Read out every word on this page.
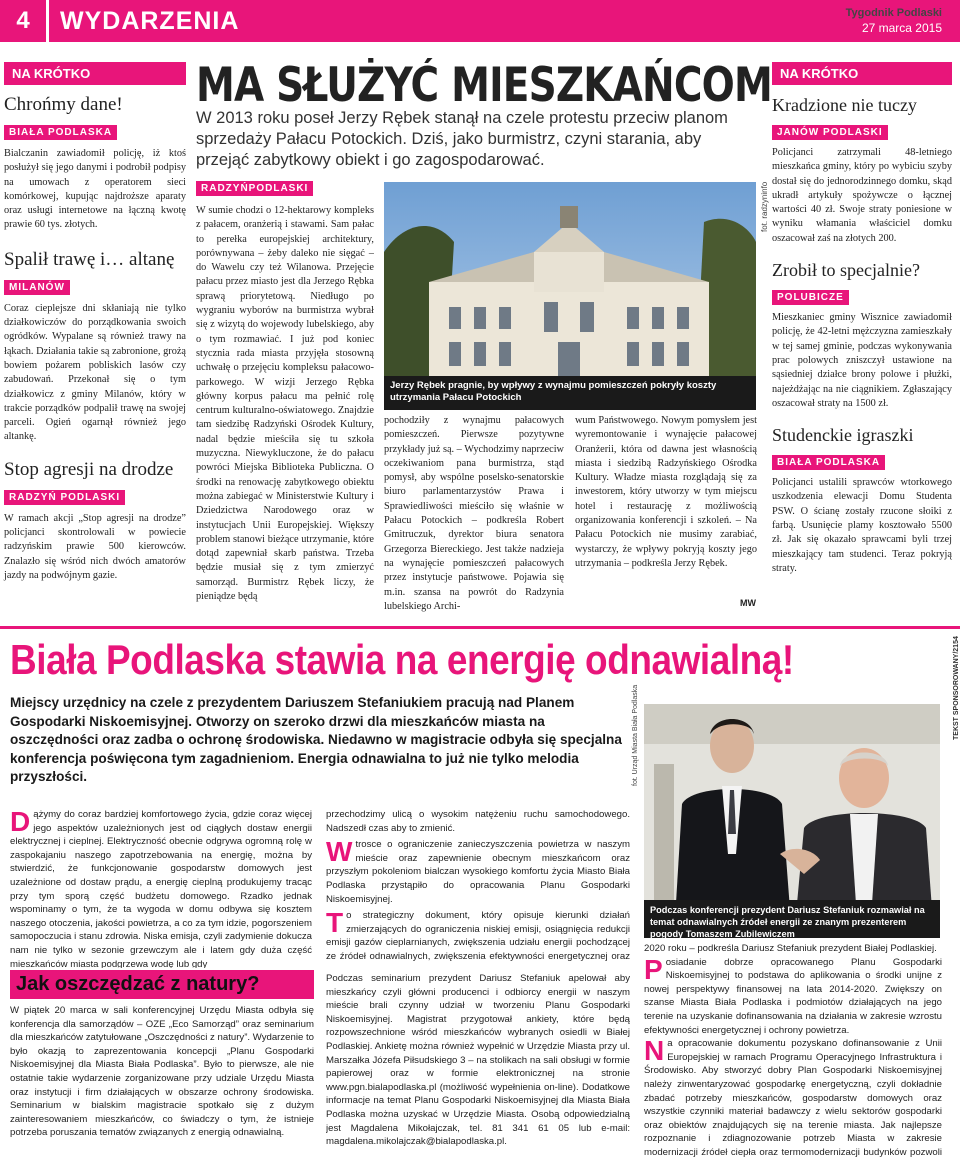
4	WYDARZENIA	Tygodnik Podlaski
27 marca 2015
NA KRÓTKO
Chrońmy dane!
BIAŁA PODLASKA
Bialczanin zawiadomił policję, iż ktoś posłużył się jego danymi i podrobił podpisy na umowach z operatorem sieci komórkowej, kupując najdroższe aparaty oraz usługi internetowe na łączną kwotę prawie 60 tys. złotych.
Spalił trawę i… altanę
MILANÓW
Coraz cieplejsze dni skłaniają nie tylko działkowiczów do porządkowania swoich ogródków. Wypalane są również trawy na łąkach. Działania takie są zabronione, grożą bowiem pożarem pobliskich lasów czy zabudowań. Przekonał się o tym działkowicz z gminy Milanów, który w trakcie porządków podpalił trawę na swojej parceli. Ogień ogarnął również jego altankę.
Stop agresji na drodze
RADZYŃ PODLASKI
W ramach akcji „Stop agresji na drodze” policjanci skontrolowali w powiecie radzyńskim prawie 500 kierowców. Znalazło się wśród nich dwóch amatorów jazdy na podwójnym gazie.
MA SŁUŻYĆ MIESZKAŃCOM
W 2013 roku poseł Jerzy Rębek stanął na czele protestu przeciw planom sprzedaży Pałacu Potockich. Dziś, jako burmistrz, czyni starania, aby przejąć zabytkowy obiekt i go zagospodarować.
RADZYŃPODLASKI
W sumie chodzi o 12-hektarowy kompleks z pałacem, oranżerią i stawami. Sam pałac to perełka europejskiej architektury, porównywana – żeby daleko nie sięgać – do Wawelu czy też Wilanowa. Przejęcie pałacu przez miasto jest dla Jerzego Rębka sprawą priorytetową. Niedługo po wygraniu wyborów na burmistrza wybrał się z wizytą do wojewody lubelskiego, aby o tym rozmawiać. I już pod koniec stycznia rada miasta przyjęła stosowną uchwałę o przejęciu kompleksu pałacowo-parkowego. W wizji Jerzego Rębka główny korpus pałacu ma pełnić rolę centrum kulturalno-oświatowego. Znajdzie tam siedzibę Radzyński Ośrodek Kultury, nadal będzie mieściła się tu szkoła muzyczna. Niewykluczone, że do pałacu powróci Miejska Biblioteka Publiczna. O środki na renowację zabytkowego obiektu można zabiegać w Ministerstwie Kultury i Dziedzictwa Narodowego oraz w instytucjach Unii Europejskiej. Większy problem stanowi bieżące utrzymanie, które dotąd zapewniał skarb państwa. Trzeba będzie musiał się z tym zmierzyć samorząd. Burmistrz Rębek liczy, że pieniądze będą
fot. radzyninfo
Jerzy Rębek pragnie, by wpływy z wynajmu pomieszczeń pokryły koszty utrzymania Pałacu Potockich
pochodziły z wynajmu pałacowych pomieszczeń. Pierwsze pozytywne przykłady już są. – Wychodzimy naprzeciw oczekiwaniom pana burmistrza, stąd pomysł, aby wspólne poselsko-senatorskie biuro parlamentarzystów Prawa i Sprawiedliwości mieściło się właśnie w Pałacu Potockich – podkreśla Robert Gmitruczuk, dyrektor biura senatora Grzegorza Biereckiego. Jest także nadzieja na wynajęcie pomieszczeń pałacowych przez instytucje państwowe. Pojawia się m.in. szansa na powrót do Radzynia lubelskiego Archi-
wum Państwowego. Nowym pomysłem jest wyremontowanie i wynajęcie pałacowej Oranżerii, która od dawna jest własnością miasta i siedzibą Radzyńskiego Ośrodka Kultury. Władze miasta rozglądają się za inwestorem, który utworzy w tym miejscu hotel i restaurację z możliwością organizowania konferencji i szkoleń. – Na Pałacu Potockich nie musimy zarabiać, wystarczy, że wpływy pokryją koszty jego utrzymania – podkreśla Jerzy Rębek.
MW
NA KRÓTKO
Kradzione nie tuczy
JANÓW PODLASKI
Policjanci zatrzymali 48-letniego mieszkańca gminy, który po wybiciu szyby dostał się do jednorodzinnego domku, skąd ukradł artykuły spożywcze o łącznej wartości 40 zł. Swoje straty poniesione w wyniku włamania właściciel domku oszacował zaś na złotych 200.
Zrobił to specjalnie?
POLUBICZE
Mieszkaniec gminy Wisznice zawiadomił policję, że 42-letni mężczyzna zamieszkały w tej samej gminie, podczas wykonywania prac polowych zniszczył ustawione na sąsiedniej działce brony polowe i płużki, najeżdżając na nie ciągnikiem. Zgłaszający oszacował straty na 1500 zł.
Studenckie igraszki
BIAŁA PODLASKA
Policjanci ustalili sprawców wtorkowego uszkodzenia elewacji Domu Studenta PSW. O ścianę zostały rzucone słoiki z farbą. Usunięcie plamy kosztowało 5500 zł. Jak się okazało sprawcami byli trzej mieszkający tam studenci. Teraz pokryją straty.
TEKST SPONSOROWANY/2154
Biała Podlaska stawia na energię odnawialną!
Miejscy urzędnicy na czele z prezydentem Dariuszem Stefaniukiem pracują nad Planem Gospodarki Niskoemisyjnej. Otworzy on szeroko drzwi dla mieszkańców miasta na oszczędności oraz zadba o ochronę środowiska. Niedawno w magistracie odbyła się specjalna konferencja poświęcona tym zagadnieniom. Energia odnawialna to już nie tylko melodia przyszłości.
Dążymy do coraz bardziej komfortowego życia, gdzie coraz więcej jego aspektów uzależnionych jest od ciągłych dostaw energii elektrycznej i cieplnej. Elektryczność obecnie odgrywa ogromną rolę w zaspokajaniu naszego zapotrzebowania na energię, można by stwierdzić, że funkcjonowanie gospodarstw domowych jest uzależnione od dostaw prądu, a energię cieplną produkujemy tracąc przy tym sporą część budżetu domowego. Rzadko jednak wspominamy o tym, że ta wygoda w domu odbywa się kosztem naszego otoczenia, jakości powietrza, a co za tym idzie, pogorszeniem samopoczucia i stanu zdrowia. Niska emisja, czyli zadymienie dokucza nam nie tylko w sezonie grzewczym ale i latem gdy duża część mieszkańców miasta podgrzewa wodę lub gdy
Jak oszczędzać z natury?
W piątek 20 marca w sali konferencyjnej Urzędu Miasta odbyła się konferencja dla samorządów – OZE „Eco Samorząd” oraz seminarium dla mieszkańców zatytułowane „Oszczędności z natury”. Wydarzenie to było okazją to zaprezentowania koncepcji „Planu Gospodarki Niskoemisyjnej dla Miasta Biała Podlaska”. Było to pierwsze, ale nie ostatnie takie wydarzenie zorganizowane przy udziale Urzędu Miasta oraz instytucji i firm działających w obszarze ochrony środowiska. Seminarium w bialskim magistracie spotkało się z dużym zainteresowaniem mieszkańców, co świadczy o tym, że istnieje potrzeba poruszania tematów związanych z energią odnawialną.
przechodzimy ulicą o wysokim natężeniu ruchu samochodowego. Nadszedł czas aby to zmienić.
Wtrosce o ograniczenie zanieczyszczenia powietrza w naszym mieście oraz zapewnienie obecnym mieszkańcom oraz przyszłym pokoleniom bialczan wysokiego komfortu życia Miasto Biała Podlaska przystąpiło do opracowania Planu Gospodarki Niskoemisyjnej.
To strategiczny dokument, który opisuje kierunki działań zmierzających do ograniczenia niskiej emisji, osiągnięcia redukcji emisji gazów cieplarnianych, zwiększenia udziału energii pochodzącej ze źródeł odnawialnych, zwiększenia efektywności energetycznej oraz
Podczas seminarium prezydent Dariusz Stefaniuk apelował aby mieszkańcy czyli główni producenci i odbiorcy energii w naszym mieście brali czynny udział w tworzeniu Planu Gospodarki Niskoemisyjnej. Magistrat przygotował ankiety, które będą rozpowszechnione wśród mieszkańców wybranych osiedli w Białej Podlaskiej. Ankietę można również wypełnić w Urzędzie Miasta przy ul. Marszałka Józefa Piłsudskiego 3 – na stolikach na sali obsługi w formie papierowej oraz w formie elektronicznej na stronie www.pgn.bialapodlaska.pl (możliwość wypełnienia on-line). Dodatkowe informacje na temat Planu Gospodarki Niskoemisyjnej dla Miasta Biała Podlaska można uzyskać w Urzędzie Miasta. Osobą odpowiedzialną jest Magdalena Mikołajczak, tel. 81 341 61 05 lub e-mail: magdalena.mikolajczak@bialapodlaska.pl.
fot. Urząd Miasta Biała Podlaska
Podczas konferencji prezydent Dariusz Stefaniuk rozmawiał na temat odnawialnych źródeł energii ze znanym prezenterem pogody Tomaszem Zubilewiczem
2020 roku – podkreśla Dariusz Stefaniuk prezydent Białej Podlaskiej.
Posiadanie dobrze opracowanego Planu Gospodarki Niskoemisyjnej to podstawa do aplikowania o środki unijne z nowej perspektywy finansowej na lata 2014-2020. Zwiększy on szanse Miasta Biała Podlaska i podmiotów działających na jego terenie na uzyskanie dofinansowania na działania w zakresie wzrostu efektywności energetycznej i ochrony powietrza.
Na opracowanie dokumentu pozyskano dofinansowanie z Unii Europejskiej w ramach Programu Operacyjnego Infrastruktura i Środowisko. Aby stworzyć dobry Plan Gospodarki Niskoemisyjnej należy zinwentaryzować gospodarkę energetyczną, czyli dokładnie zbadać potrzeby mieszkańców, gospodarstw domowych oraz wszystkie czynniki materiał badawczy z wielu sektorów gospodarki oraz obiektów znajdujących się na terenie miasta. Jak najlepsze rozpoznanie i zdiagnozowanie potrzeb Miasta w zakresie modernizacji źródeł ciepła oraz termomodernizacji budynków pozwoli
